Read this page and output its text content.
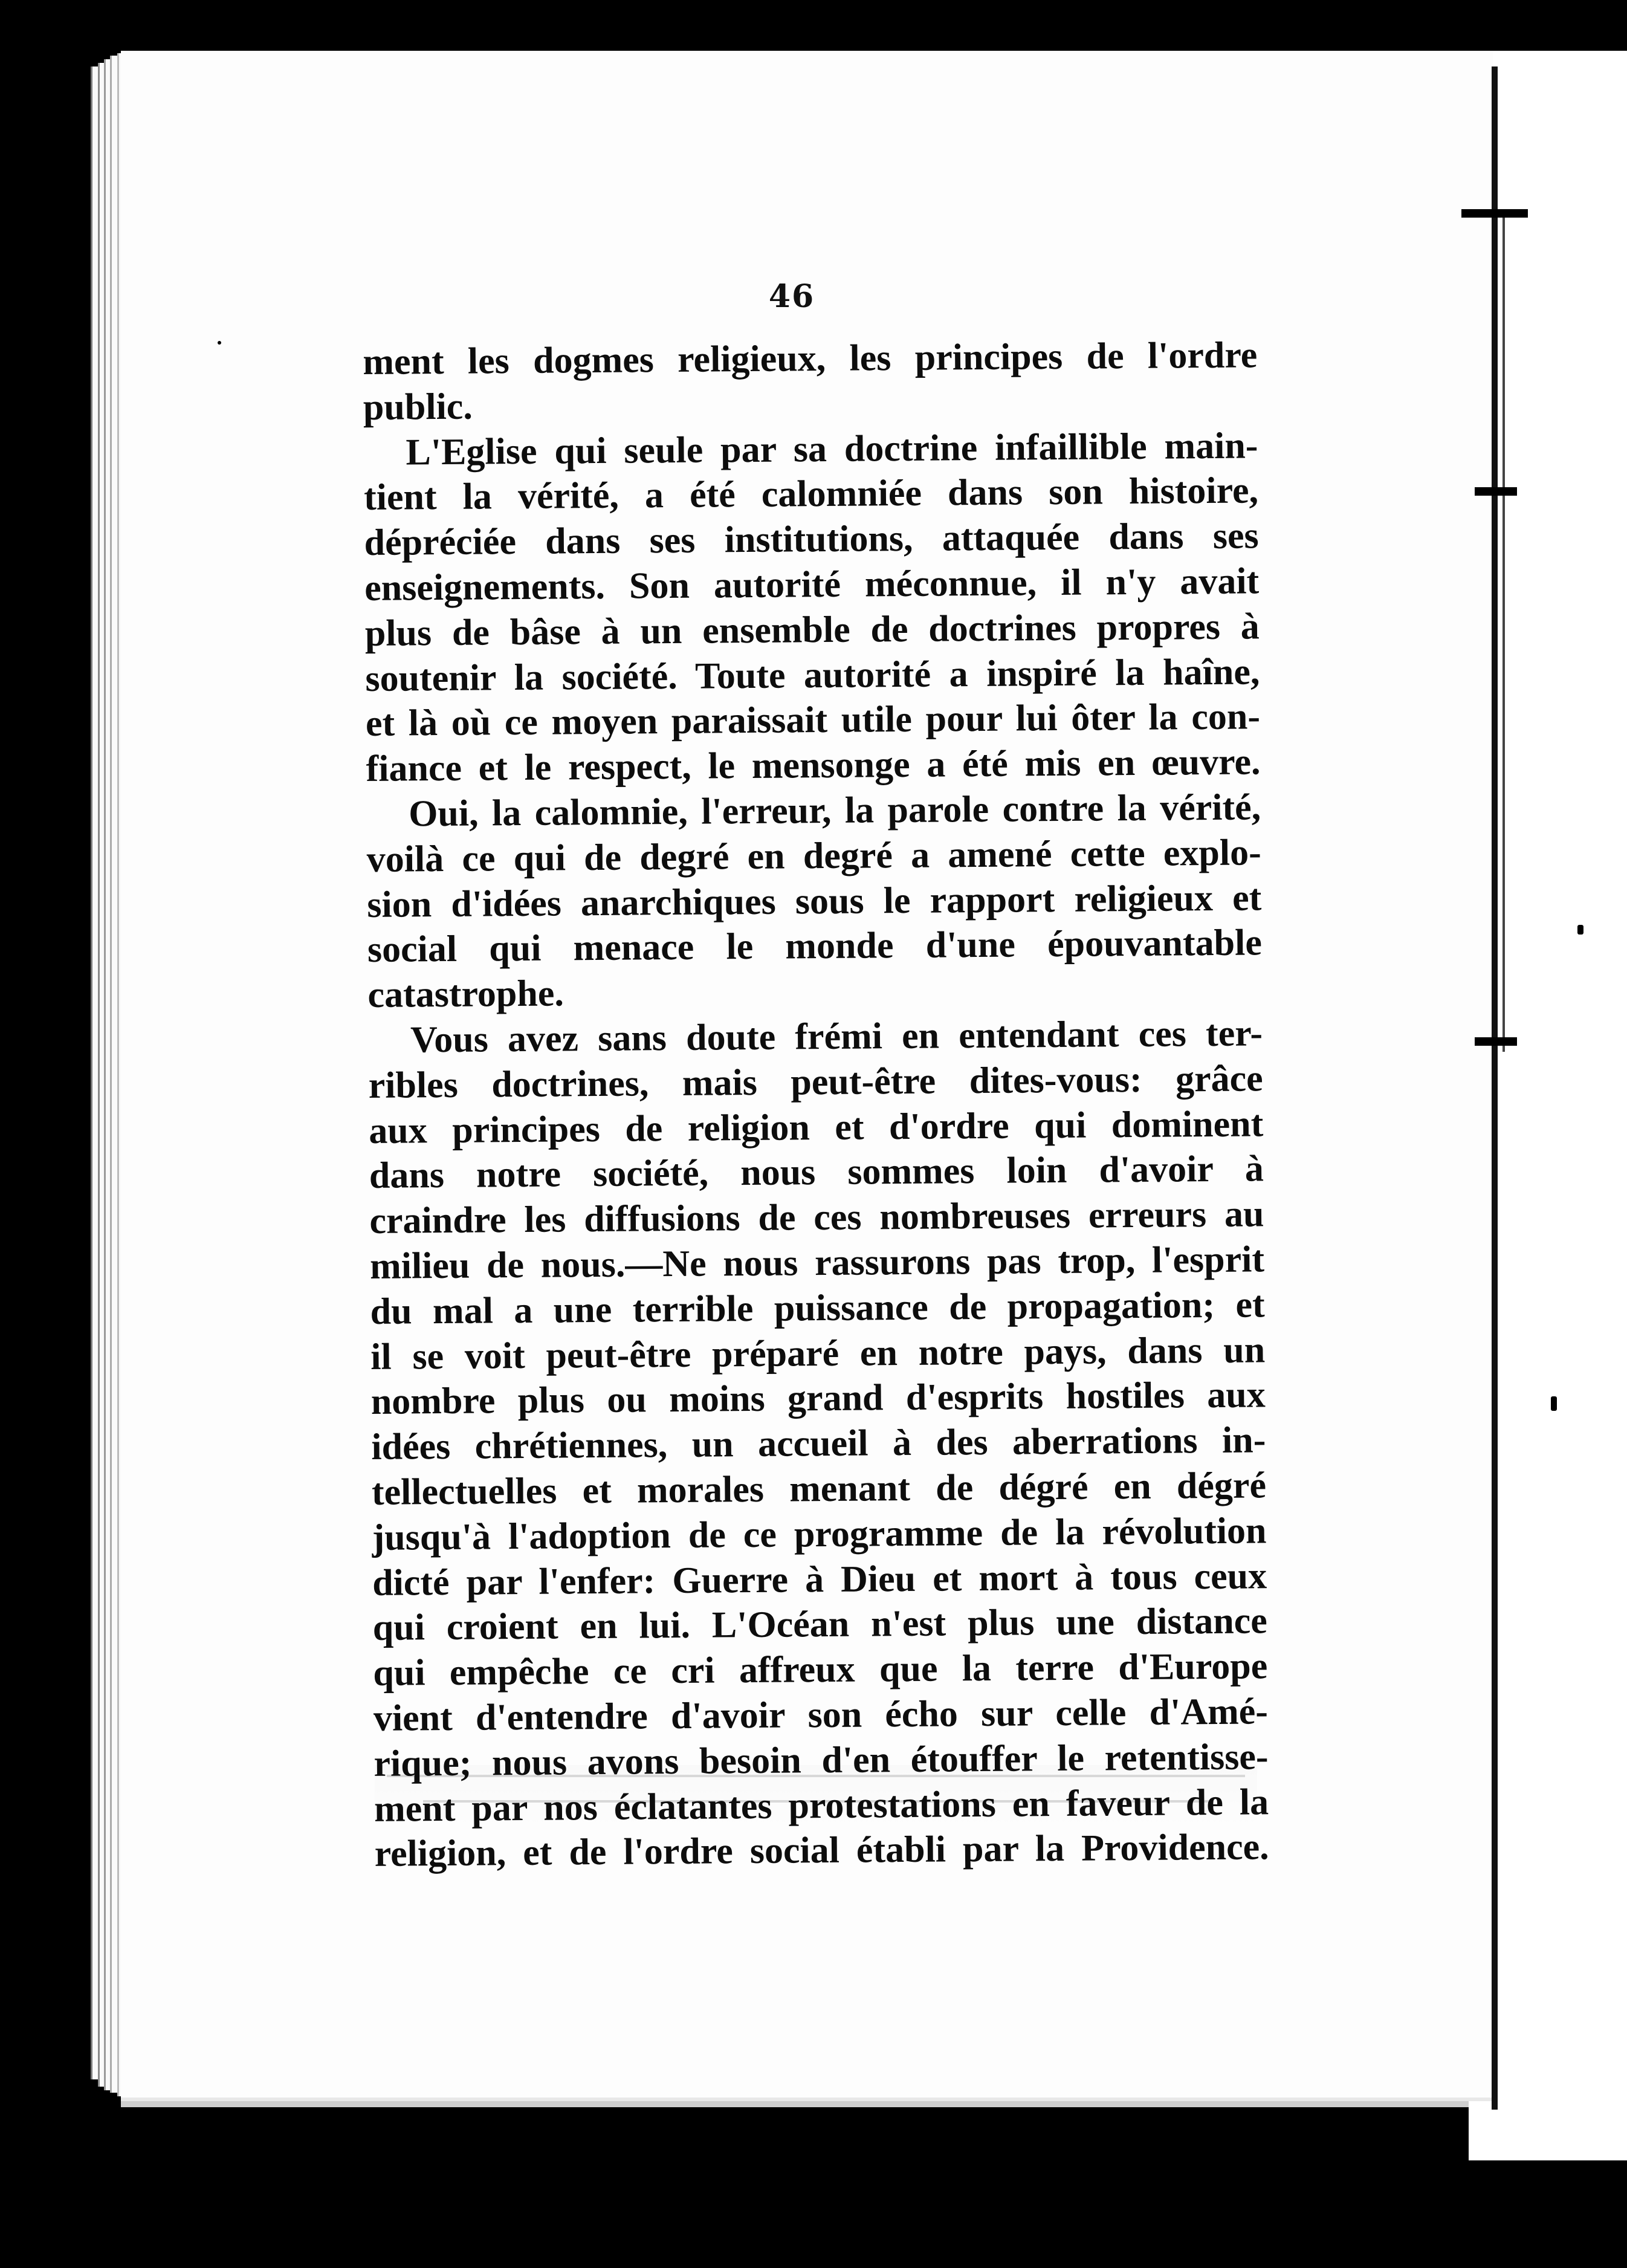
46
ment les dogmes religieux, les principes de l'ordre
public.
L'Eglise qui seule par sa doctrine infaillible main-
tient la vérité, a été calomniée dans son histoire,
dépréciée dans ses institutions, attaquée dans ses
enseignements. Son autorité méconnue, il n'y avait
plus de bâse à un ensemble de doctrines propres à
soutenir la société. Toute autorité a inspiré la haîne,
et là où ce moyen paraissait utile pour lui ôter la con-
fiance et le respect, le mensonge a été mis en œuvre.
Oui, la calomnie, l'erreur, la parole contre la vérité,
voilà ce qui de degré en degré a amené cette explo-
sion d'idées anarchiques sous le rapport religieux et
social qui menace le monde d'une épouvantable
catastrophe.
Vous avez sans doute frémi en entendant ces ter-
ribles doctrines, mais peut-être dites-vous: grâce
aux principes de religion et d'ordre qui dominent
dans notre société, nous sommes loin d'avoir à
craindre les diffusions de ces nombreuses erreurs au
milieu de nous.—Ne nous rassurons pas trop, l'esprit
du mal a une terrible puissance de propagation; et
il se voit peut-être préparé en notre pays, dans un
nombre plus ou moins grand d'esprits hostiles aux
idées chrétiennes, un accueil à des aberrations in-
tellectuelles et morales menant de dégré en dégré
jusqu'à l'adoption de ce programme de la révolution
dicté par l'enfer: Guerre à Dieu et mort à tous ceux
qui croient en lui. L'Océan n'est plus une distance
qui empêche ce cri affreux que la terre d'Europe
vient d'entendre d'avoir son écho sur celle d'Amé-
rique; nous avons besoin d'en étouffer le retentisse-
ment par nos éclatantes protestations en faveur de la
religion, et de l'ordre social établi par la Providence.
